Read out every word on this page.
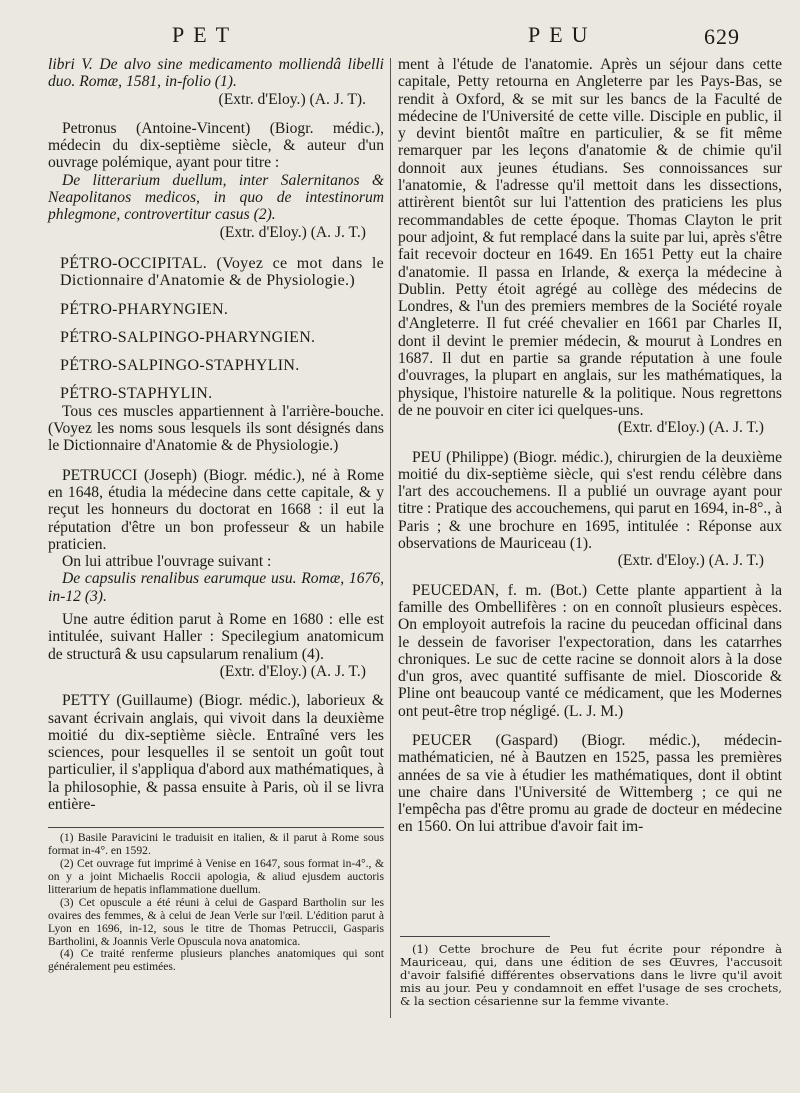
PET	PEU	629

libri V. De alvo sine medicamento molliendâ libelli duo. Romæ, 1581, in-folio (1).

(Extr. d'Eloy.) (A. J. T).

Petronus (Antoine-Vincent) (Biogr. médic.), médecin du dix-septième siècle, & auteur d'un ouvrage polémique, ayant pour titre :

De litterarium duellum, inter Salernitanos & Neapolitanos medicos, in quo de intestinorum phlegmone, controvertitur casus (2).

(Extr. d'Eloy.) (A. J. T.)

PÉTRO-OCCIPITAL. (Voyez ce mot dans le Dictionnaire d'Anatomie & de Physiologie.)

PÉTRO-PHARYNGIEN.

PÉTRO-SALPINGO-PHARYNGIEN.

PÉTRO-SALPINGO-STAPHYLIN.

PÉTRO-STAPHYLIN.

Tous ces muscles appartiennent à l'arrière-bouche. (Voyez les noms sous lesquels ils sont désignés dans le Dictionnaire d'Anatomie & de Physiologie.)

PETRUCCI (Joseph) (Biogr. médic.), né à Rome en 1648, étudia la médecine dans cette capitale, & y reçut les honneurs du doctorat en 1668 : il eut la réputation d'être un bon professeur & un habile praticien.

On lui attribue l'ouvrage suivant :

De capsulis renalibus earumque usu. Romæ, 1676, in-12 (3).

Une autre édition parut à Rome en 1680 : elle est intitulée, suivant Haller : Specilegium anatomicum de structurâ & usu capsularum renalium (4).

(Extr. d'Eloy.) (A. J. T.)

PETTY (Guillaume) (Biogr. médic.), laborieux & savant écrivain anglais, qui vivoit dans la deuxième moitié du dix-septième siècle. Entraîné vers les sciences, pour lesquelles il se sentoit un goût tout particulier, il s'appliqua d'abord aux mathématiques, à la philosophie, & passa ensuite à Paris, où il se livra entière-

(1) Basile Paravicini le traduisit en italien, & il parut à Rome sous format in-4°. en 1592.

(2) Cet ouvrage fut imprimé à Venise en 1647, sous format in-4°., & on y a joint Michaelis Roccii apologia, & aliud ejusdem auctoris litterarium de hepatis inflammatione duellum.

(3) Cet opuscule a été réuni à celui de Gaspard Bartholin sur les ovaires des femmes, & à celui de Jean Verle sur l'œil. L'édition parut à Lyon en 1696, in-12, sous le titre de Thomas Petruccii, Gasparis Bartholini, & Joannis Verle Opuscula nova anatomica.

(4) Ce traité renferme plusieurs planches anatomiques qui sont généralement peu estimées.

ment à l'étude de l'anatomie. Après un séjour dans cette capitale, Petty retourna en Angleterre par les Pays-Bas, se rendit à Oxford, & se mit sur les bancs de la Faculté de médecine de l'Université de cette ville. Disciple en public, il y devint bientôt maître en particulier, & se fit même remarquer par les leçons d'anatomie & de chimie qu'il donnoit aux jeunes étudians. Ses connoissances sur l'anatomie, & l'adresse qu'il mettoit dans les dissections, attirèrent bientôt sur lui l'attention des praticiens les plus recommandables de cette époque. Thomas Clayton le prit pour adjoint, & fut remplacé dans la suite par lui, après s'être fait recevoir docteur en 1649. En 1651 Petty eut la chaire d'anatomie. Il passa en Irlande, & exerça la médecine à Dublin. Petty étoit agrégé au collège des médecins de Londres, & l'un des premiers membres de la Société royale d'Angleterre. Il fut créé chevalier en 1661 par Charles II, dont il devint le premier médecin, & mourut à Londres en 1687. Il dut en partie sa grande réputation à une foule d'ouvrages, la plupart en anglais, sur les mathématiques, la physique, l'histoire naturelle & la politique. Nous regrettons de ne pouvoir en citer ici quelques-uns.

(Extr. d'Eloy.) (A. J. T.)

PEU (Philippe) (Biogr. médic.), chirurgien de la deuxième moitié du dix-septième siècle, qui s'est rendu célèbre dans l'art des accouchemens. Il a publié un ouvrage ayant pour titre : Pratique des accouchemens, qui parut en 1694, in-8°., à Paris ; & une brochure en 1695, intitulée : Réponse aux observations de Mauriceau (1).

(Extr. d'Eloy.) (A. J. T.)

PEUCEDAN, f. m. (Bot.) Cette plante appartient à la famille des Ombellifères : on en connoît plusieurs espèces. On employoit autrefois la racine du peucedan officinal dans le dessein de favoriser l'expectoration, dans les catarrhes chroniques. Le suc de cette racine se donnoit alors à la dose d'un gros, avec quantité suffisante de miel. Dioscoride & Pline ont beaucoup vanté ce médicament, que les Modernes ont peut-être trop négligé. (L. J. M.)

PEUCER (Gaspard) (Biogr. médic.), médecin-mathématicien, né à Bautzen en 1525, passa les premières années de sa vie à étudier les mathématiques, dont il obtint une chaire dans l'Université de Wittemberg ; ce qui ne l'empêcha pas d'être promu au grade de docteur en médecine en 1560. On lui attribue d'avoir fait im-

(1) Cette brochure de Peu fut écrite pour répondre à Mauriceau, qui, dans une édition de ses Œuvres, l'accusoit d'avoir falsifié différentes observations dans le livre qu'il avoit mis au jour. Peu y condamnoit en effet l'usage de ses crochets, & la section césarienne sur la femme vivante.
